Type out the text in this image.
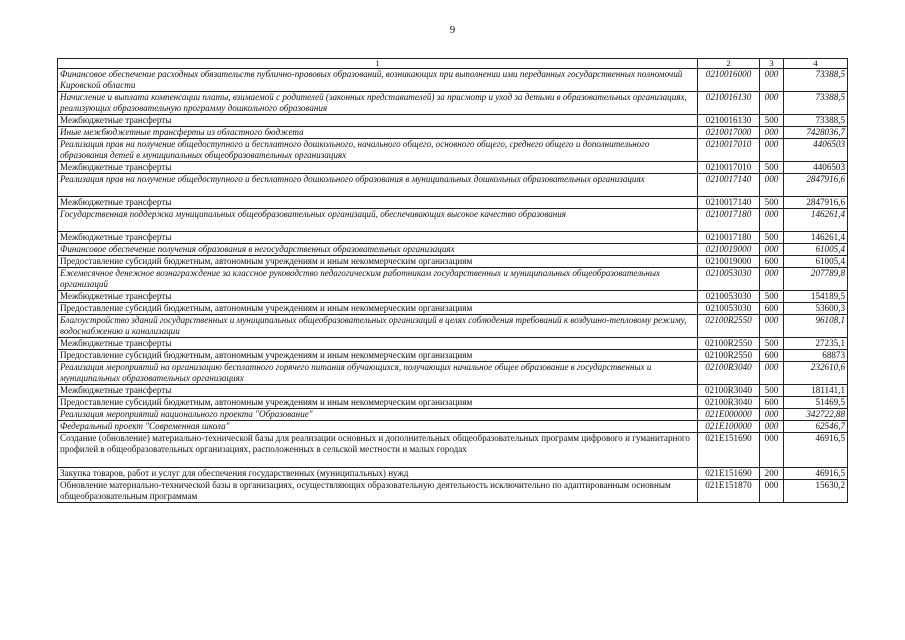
9
1	2	3	4
Финансовое обеспечение расходных обязательств публично-правовых образований, возникающих при выполнении ими переданных государственных полномочий Кировской области	0210016000	000	73388,5
Начисление и выплата компенсации платы, взимаемой с родителей (законных представителей) за присмотр и уход за детьми в образовательных организациях, реализующих образовательную программу дошкольного образования	0210016130	000	73388,5
Межбюджетные трансферты	0210016130	500	73388,5
Иные межбюджетные трансферты из областного бюджета	0210017000	000	7428036,7
Реализация прав на получение общедоступного и бесплатного дошкольного, начального общего, основного общего, среднего общего и дополнительного образования детей в муниципальных общеобразовательных организациях	0210017010	000	4406503
Межбюджетные трансферты	0210017010	500	4406503
Реализация прав на получение общедоступного и бесплатного дошкольного образования в муниципальных дошкольных образовательных организациях	0210017140	000	2847916,6
Межбюджетные трансферты	0210017140	500	2847916,6
Государственная поддержка муниципальных общеобразовательных организаций, обеспечивающих высокое качество образования	0210017180	000	146261,4
Межбюджетные трансферты	0210017180	500	146261,4
Финансовое обеспечение получения образования в негосударственных образовательных организациях	0210019000	000	61005,4
Предоставление субсидий бюджетным, автономным учреждениям и иным некоммерческим организациям	0210019000	600	61005,4
Ежемесячное денежное вознаграждение за классное руководство педагогическим работникам государственных и муниципальных общеобразовательных организаций	0210053030	000	207789,8
Межбюджетные трансферты	0210053030	500	154189,5
Предоставление субсидий бюджетным, автономным учреждениям и иным некоммерческим организациям	0210053030	600	53600,3
Благоустройство зданий государственных и муниципальных общеобразовательных организаций в целях соблюдения требований к воздушно-тепловому режиму, водоснабжению и канализации	02100R2550	000	96108,1
Межбюджетные трансферты	02100R2550	500	27235,1
Предоставление субсидий бюджетным, автономным учреждениям и иным некоммерческим организациям	02100R2550	600	68873
Реализация мероприятий на организацию бесплатного горячего питания обучающихся, получающих начальное общее образование в государственных и муниципальных образовательных организациях	02100R3040	000	232610,6
Межбюджетные трансферты	02100R3040	500	181141,1
Предоставление субсидий бюджетным, автономным учреждениям и иным некоммерческим организациям	02100R3040	600	51469,5
Реализация мероприятий национального проекта "Образование"	021E000000	000	342722,88
Федеральный проект "Современная школа"	021E100000	000	62546,7
Создание (обновление) материально-технической базы для реализации основных и дополнительных общеобразовательных программ цифрового и гуманитарного профилей в общеобразовательных организациях, расположенных в сельской местности и малых городах	021E151690	000	46916,5
Закупка товаров, работ и услуг для обеспечения государственных (муниципальных) нужд	021E151690	200	46916,5
Обновление материально-технической базы в организациях, осуществляющих образовательную деятельность исключительно по адаптированным основным общеобразовательным программам	021E151870	000	15630,2
